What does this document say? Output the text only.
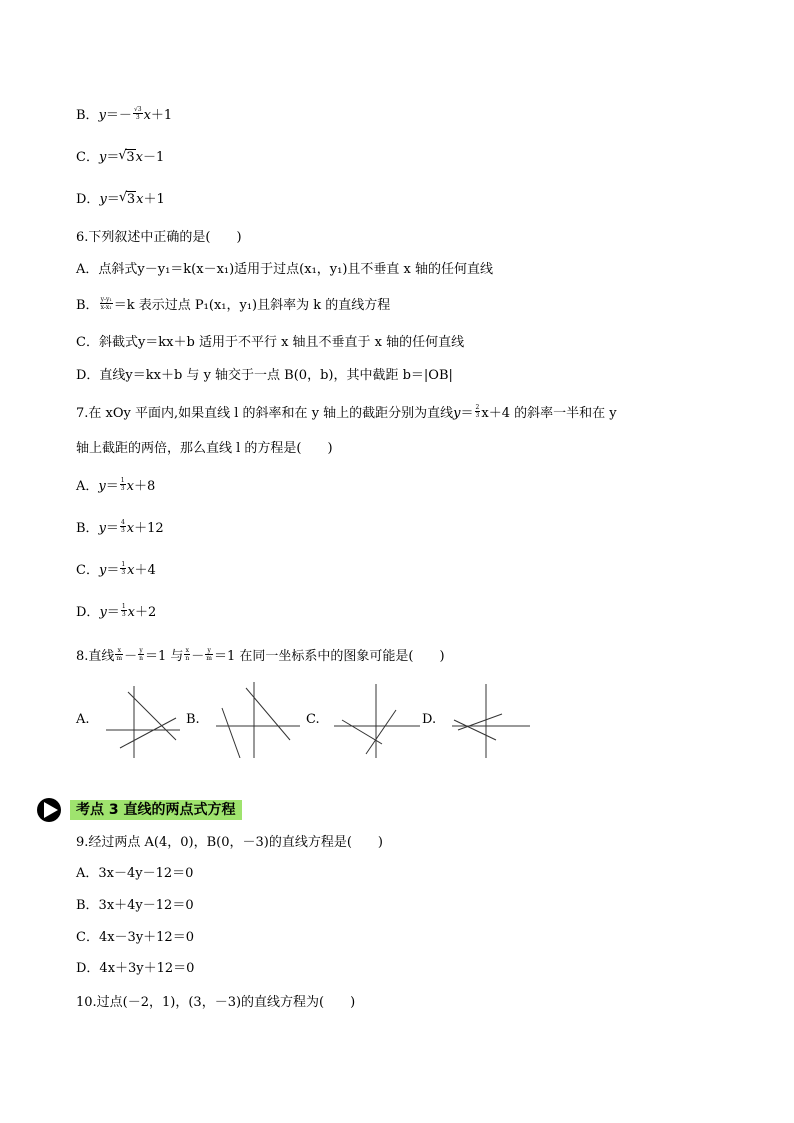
B．$y=- \frac{√3}{3} x+1$
C．y＝ √ 3x－1
D．y＝ √ 3x＋1
6.下列叙述中正确的是(　　)
A．点斜式y－y₁＝k(x－x₁)适用于过点(x₁，y₁)且不垂直 x 轴的任何直线
B． $\frac{\text{y-y₁}}{\text{x-x₁}} =k$ 表示过点 P₁(x₁，y₁)且斜率为 k 的直线方程
C．斜截式y＝kx＋b 适用于不平行 x 轴且不垂直于 x 轴的任何直线
D．直线y＝kx＋b 与 y 轴交于一点 B(0，b)，其中截距 b＝|OB|
7.在 xOy 平面内,如果直线 l 的斜率和在 y 轴上的截距分别为直线$y= \frac{2}{3} x+4$ 的斜率一半和在 y
轴上截距的两倍，那么直线 l 的方程是(　　)
A．$y= \frac{1}{3} x+8$
B．$y= \frac{4}{3} x+12$
C．$y= \frac{1}{3} x+4$
D．$y= \frac{1}{3} x+2$
8.直线 $\frac{x}{m} - \frac{y}{n} =1$ 与 $\frac{x}{n} - \frac{y}{m} =1$ 在同一坐标系中的图象可能是(　　)
A.	B.	C.	D.
考点 3 直线的两点式方程
9.经过两点 A(4，0)，B(0，－3)的直线方程是(　　)
A．3x－4y－12＝0
B．3x＋4y－12＝0
C．4x－3y＋12＝0
D．4x＋3y＋12＝0
10.过点(－2，1)，(3，－3)的直线方程为(　　)
